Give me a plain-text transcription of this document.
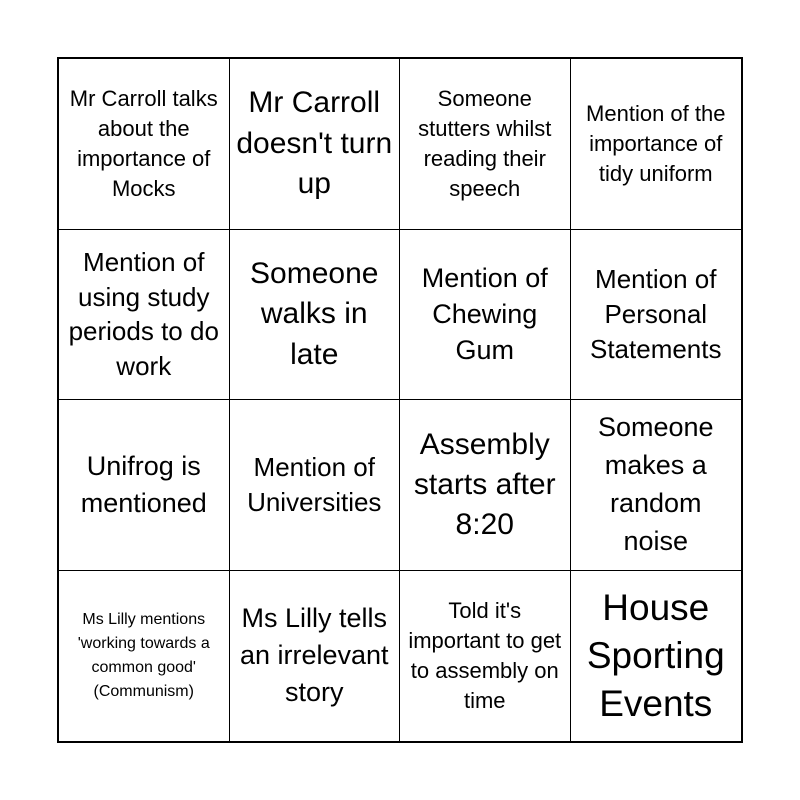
Mr Carroll talks about the importance of Mocks
Mr Carroll doesn't turn up
Someone stutters whilst reading their speech
Mention of the importance of tidy uniform
Mention of using study periods to do work
Someone walks in late
Mention of Chewing Gum
Mention of Personal Statements
Unifrog is mentioned
Mention of Universities
Assembly starts after 8:20
Someone makes a random noise
Ms Lilly mentions 'working towards a common good' (Communism)
Ms Lilly tells an irrelevant story
Told it's important to get to assembly on time
House Sporting Events
